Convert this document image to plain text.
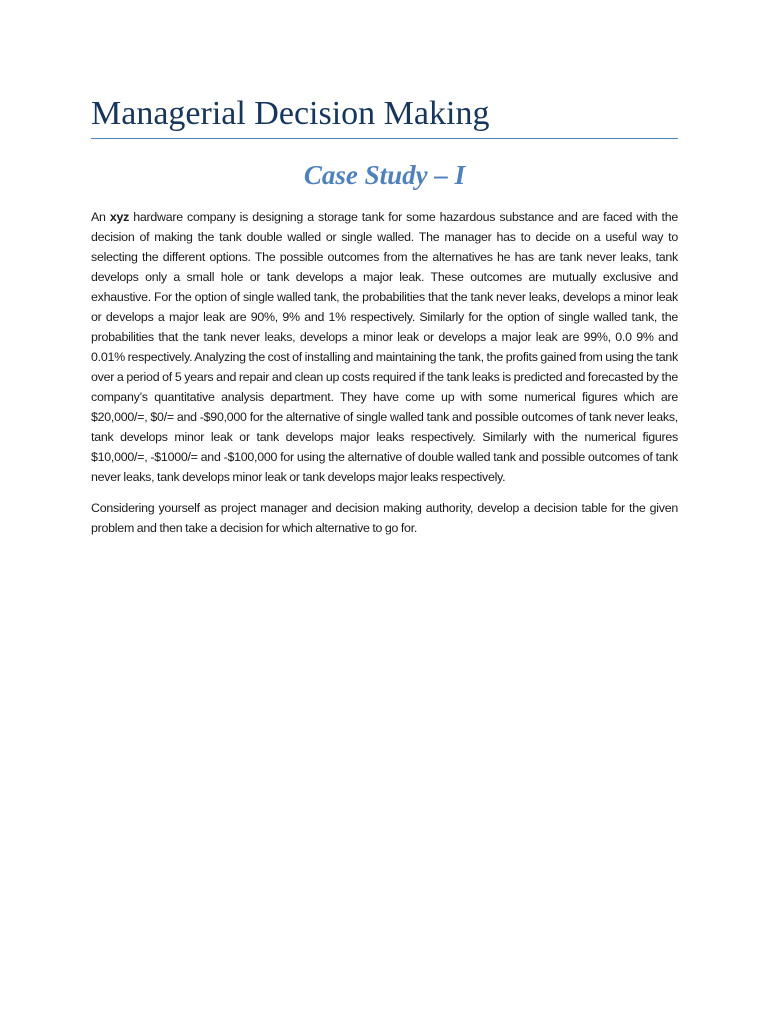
Managerial Decision Making
Case Study – I

An xyz hardware company is designing a storage tank for some hazardous substance and are faced with the decision of making the tank double walled or single walled. The manager has to decide on a useful way to selecting the different options. The possible outcomes from the alternatives he has are tank never leaks, tank develops only a small hole or tank develops a major leak. These outcomes are mutually exclusive and exhaustive. For the option of single walled tank, the probabilities that the tank never leaks, develops a minor leak or develops a major leak are 90%, 9% and 1% respectively. Similarly for the option of single walled tank, the probabilities that the tank never leaks, develops a minor leak or develops a major leak are 99%, 0.0 9% and 0.01% respectively. Analyzing the cost of installing and maintaining the tank, the profits gained from using the tank over a period of 5 years and repair and clean up costs required if the tank leaks is predicted and forecasted by the company’s quantitative analysis department. They have come up with some numerical figures which are $20,000/=, $0/= and -$90,000 for the alternative of single walled tank and possible outcomes of tank never leaks, tank develops minor leak or tank develops major leaks respectively. Similarly with the numerical figures $10,000/=, -$1000/= and -$100,000 for using the alternative of double walled tank and possible outcomes of tank never leaks, tank develops minor leak or tank develops major leaks respectively.

Considering yourself as project manager and decision making authority, develop a decision table for the given problem and then take a decision for which alternative to go for.
